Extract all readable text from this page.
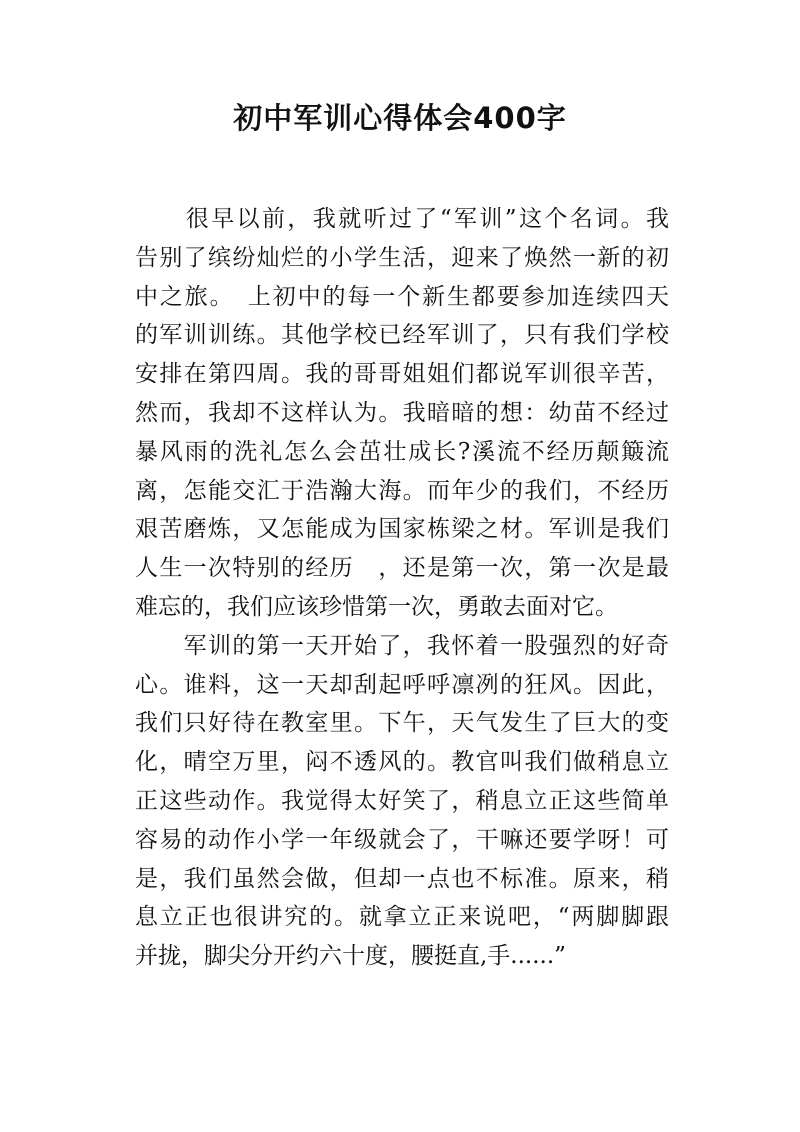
初中军训心得体会400字
　　很早以前，我就听过了“军训”这个名词。我
告别了缤纷灿烂的小学生活，迎来了焕然一新的初
中之旅。　上初中的每一个新生都要参加连续四天
的军训训练。其他学校已经军训了，只有我们学校
安排在第四周。我的哥哥姐姐们都说军训很辛苦，
然而，我却不这样认为。我暗暗的想：幼苗不经过
暴风雨的洗礼怎么会茁壮成长?溪流不经历颠簸流
离，怎能交汇于浩瀚大海。而年少的我们，不经历
艰苦磨炼，又怎能成为国家栋梁之材。军训是我们
人生一次特别的经历　，还是第一次，第一次是最
难忘的，我们应该珍惜第一次，勇敢去面对它。
　　军训的第一天开始了，我怀着一股强烈的好奇
心。谁料，这一天却刮起呼呼凛冽的狂风。因此，
我们只好待在教室里。下午，天气发生了巨大的变
化，晴空万里，闷不透风的。教官叫我们做稍息立
正这些动作。我觉得太好笑了，稍息立正这些简单
容易的动作小学一年级就会了，干嘛还要学呀！可
是，我们虽然会做，但却一点也不标准。原来，稍
息立正也很讲究的。就拿立正来说吧，“两脚脚跟
并拢，脚尖分开约六十度，腰挺直,手......”
